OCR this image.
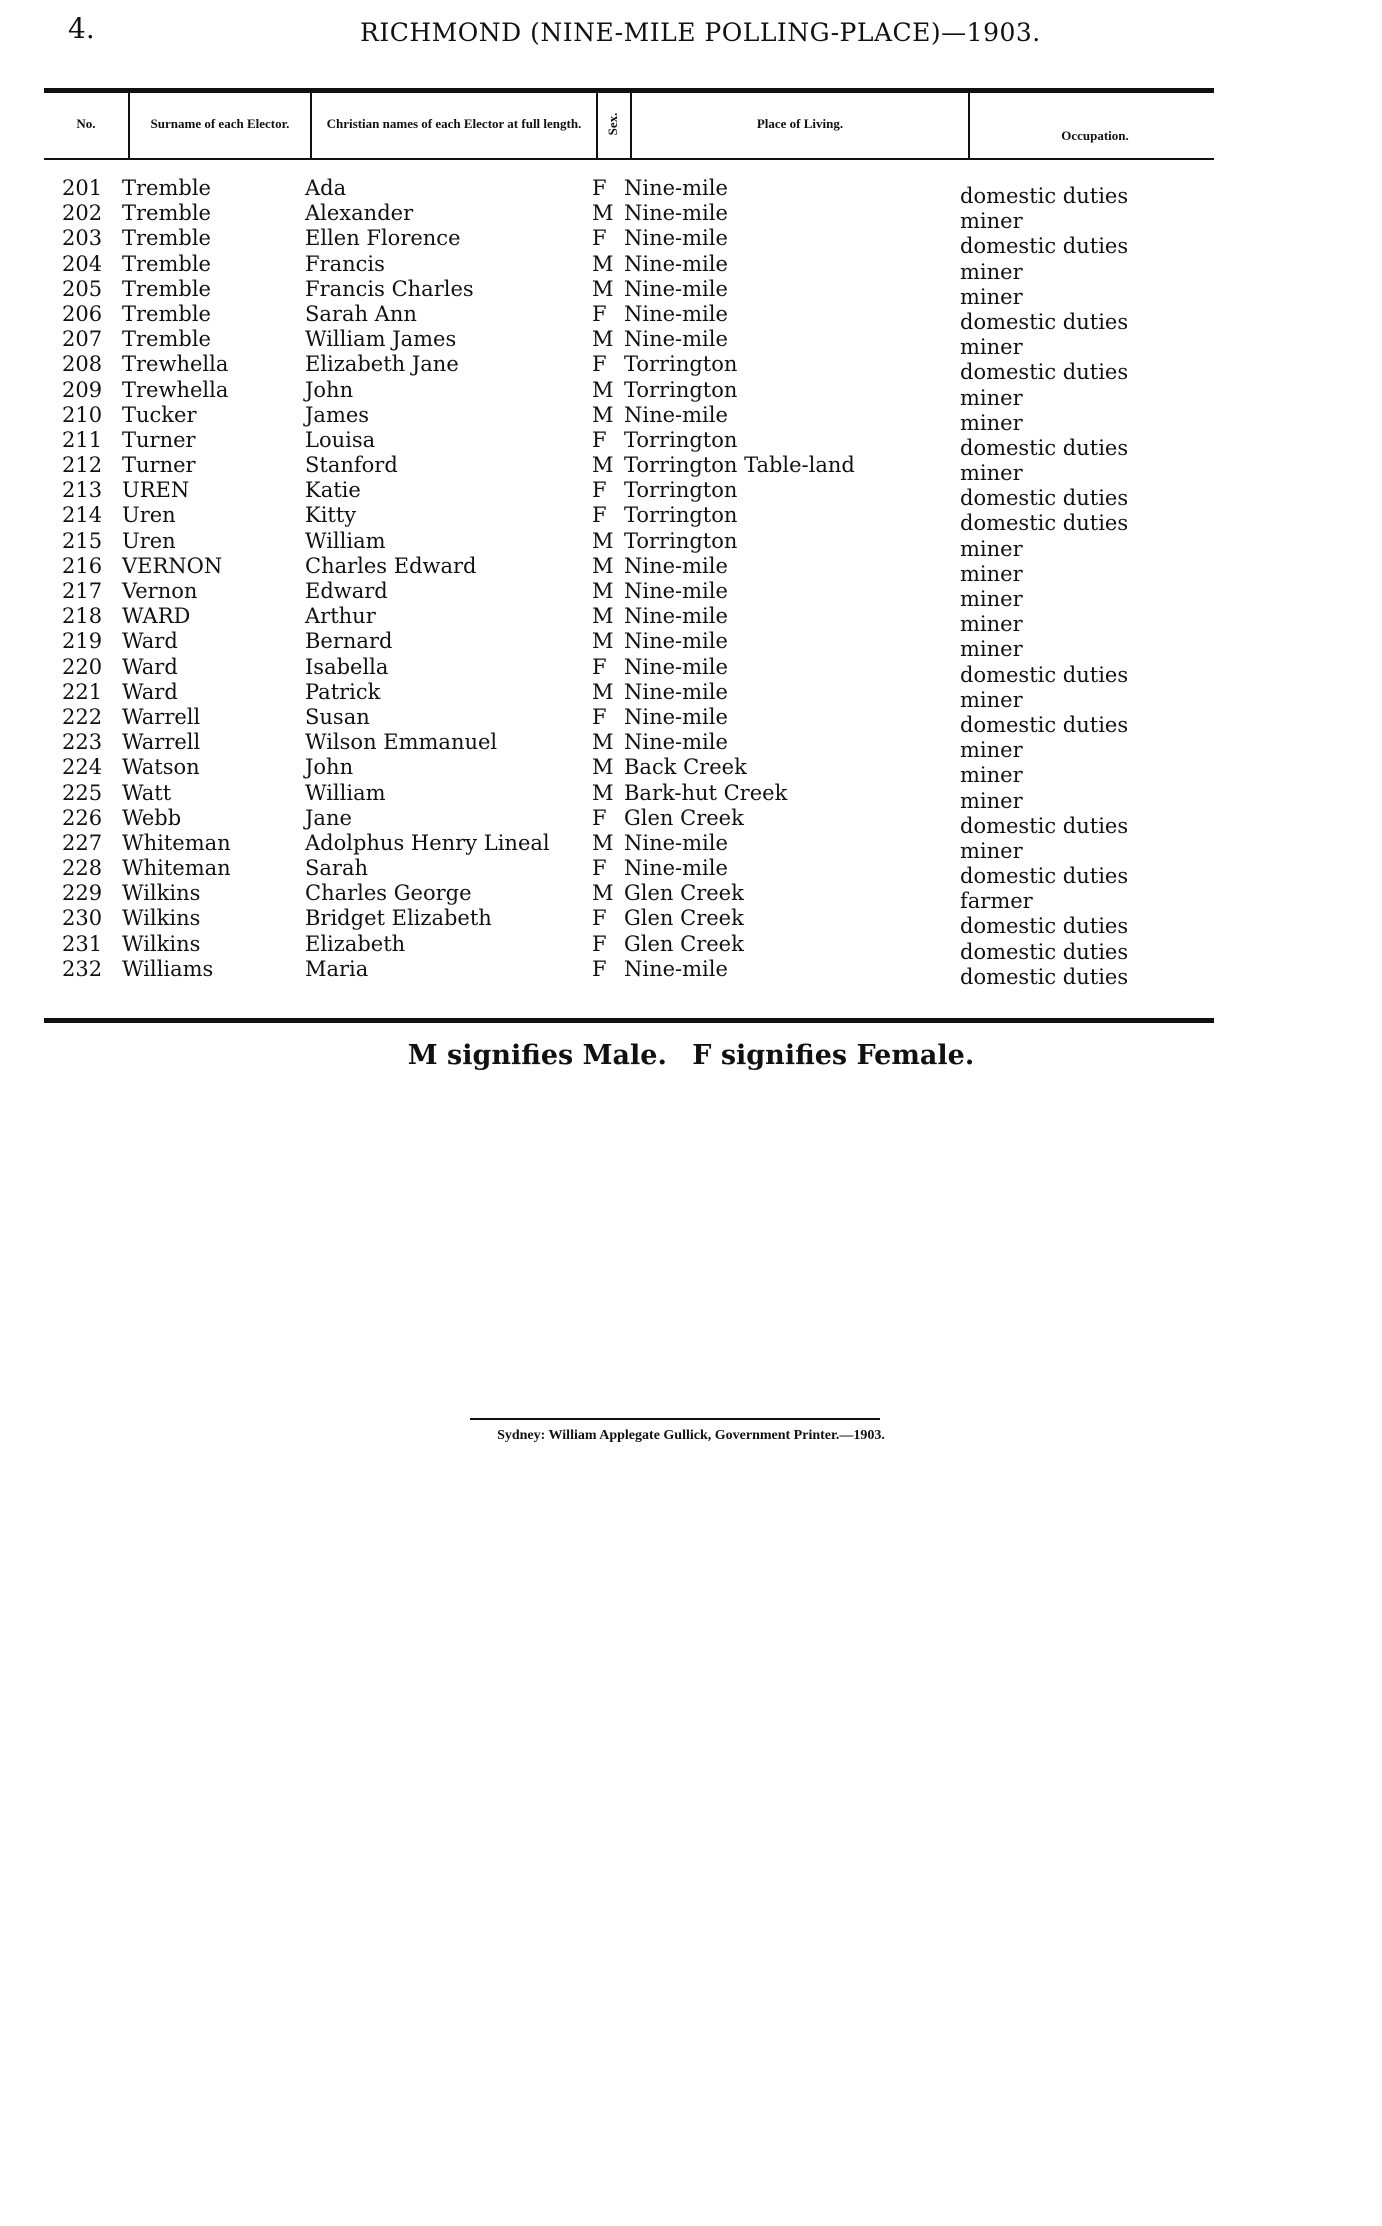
4.	RICHMOND (NINE-MILE POLLING-PLACE)—1903.
No.	Surname of each Elector.	Christian names of each Elector at full length.	Sex.	Place of Living.
Occupation.
201 Tremble	Ada	F Nine-mile	domestic duties
202 Tremble	Alexander	M Nine-mile	miner
203 Tremble	Ellen Florence	F Nine-mile	domestic duties
204 Tremble	Francis	M Nine-mile	miner
205 Tremble	Francis Charles	M Nine-mile	miner
206 Tremble	Sarah Ann	F Nine-mile	domestic duties
207 Tremble	William James	M Nine-mile	miner
208 Trewhella	Elizabeth Jane	F Torrington	domestic duties
209 Trewhella	John	M Torrington	miner
210 Tucker	James	M Nine-mile	miner
211 Turner	Louisa	F Torrington	domestic duties
212 Turner	Stanford	M Torrington Table-land	miner
213 UREN	Katie	F Torrington	domestic duties
214 Uren	Kitty	F Torrington	domestic duties
215 Uren	William	M Torrington	miner
216 VERNON	Charles Edward	M Nine-mile	miner
217 Vernon	Edward	M Nine-mile	miner
218 WARD	Arthur	M Nine-mile	miner
219 Ward	Bernard	M Nine-mile	miner
220 Ward	Isabella	F Nine-mile	domestic duties
221 Ward	Patrick	M Nine-mile	miner
222 Warrell	Susan	F Nine-mile	domestic duties
223 Warrell	Wilson Emmanuel	M Nine-mile	miner
224 Watson	John	M Back Creek	miner
225 Watt	William	M Bark-hut Creek	miner
226 Webb	Jane	F Glen Creek	domestic duties
227 Whiteman	Adolphus Henry Lineal M Nine-mile	miner
228 Whiteman	Sarah	F Nine-mile	domestic duties
229 Wilkins	Charles George	M Glen Creek	farmer
230 Wilkins	Bridget Elizabeth	F Glen Creek	domestic duties
231 Wilkins	Elizabeth	F Glen Creek	domestic duties
232 Williams	Maria	F Nine-mile	domestic duties
M signifies Male. F signifies Female.
Sydney: William Applegate Gullick, Government Printer.—1903.
